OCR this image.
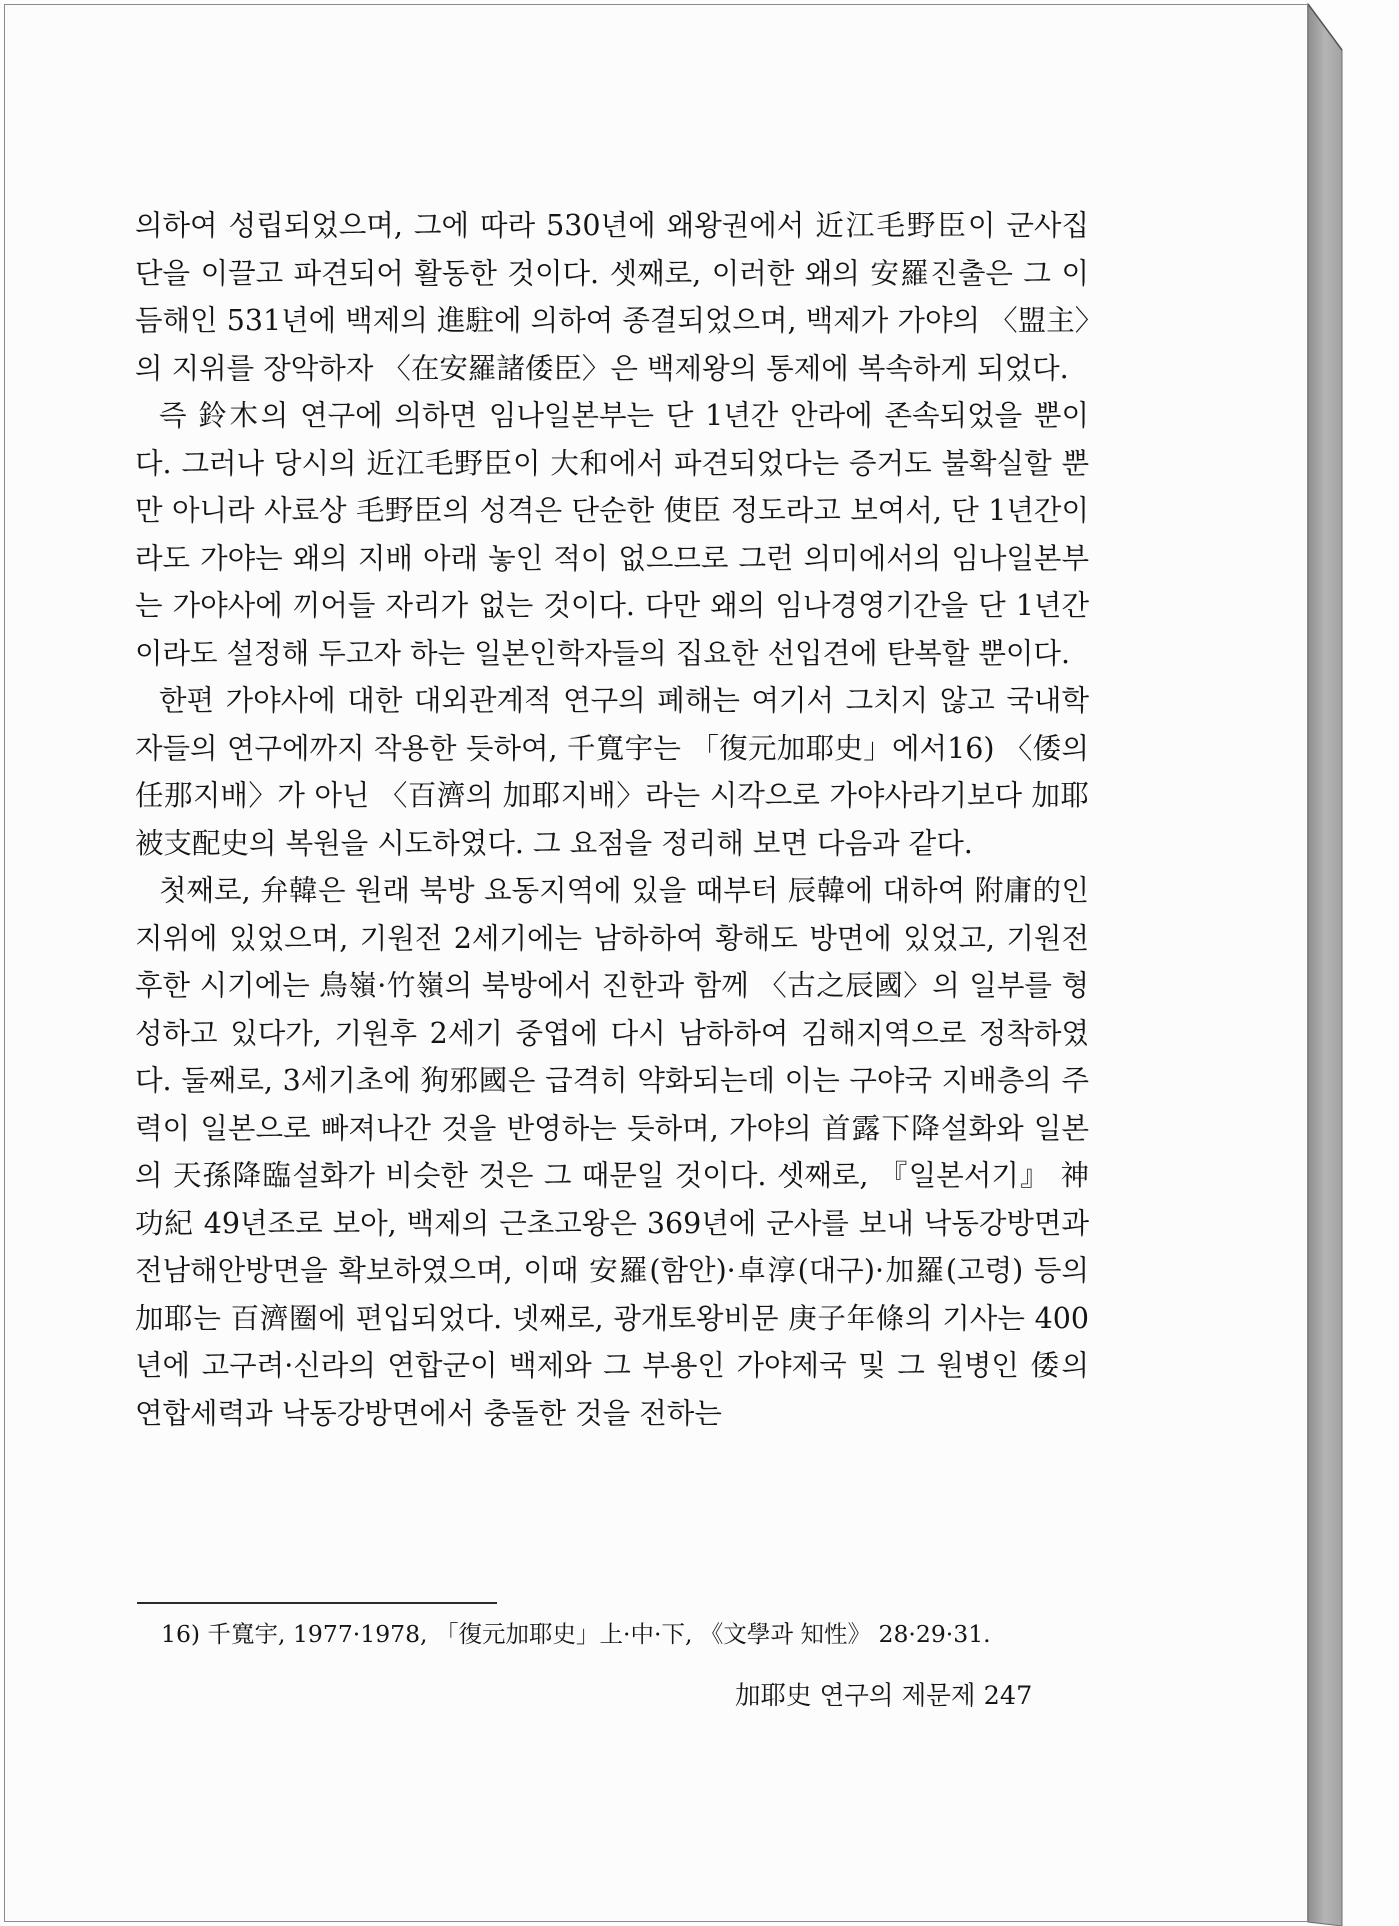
의하여 성립되었으며, 그에 따라 530년에 왜왕권에서 近江毛野臣이 군사집단을 이끌고 파견되어 활동한 것이다. 셋째로, 이러한 왜의 安羅진출은 그 이듬해인 531년에 백제의 進駐에 의하여 종결되었으며, 백제가 가야의 〈盟主〉의 지위를 장악하자 〈在安羅諸倭臣〉은 백제왕의 통제에 복속하게 되었다.

즉 鈴木의 연구에 의하면 임나일본부는 단 1년간 안라에 존속되었을 뿐이다. 그러나 당시의 近江毛野臣이 大和에서 파견되었다는 증거도 불확실할 뿐만 아니라 사료상 毛野臣의 성격은 단순한 使臣 정도라고 보여서, 단 1년간이라도 가야는 왜의 지배 아래 놓인 적이 없으므로 그런 의미에서의 임나일본부는 가야사에 끼어들 자리가 없는 것이다. 다만 왜의 임나경영기간을 단 1년간이라도 설정해 두고자 하는 일본인학자들의 집요한 선입견에 탄복할 뿐이다.

한편 가야사에 대한 대외관계적 연구의 폐해는 여기서 그치지 않고 국내학자들의 연구에까지 작용한 듯하여, 千寬宇는 「復元加耶史」에서16) 〈倭의 任那지배〉가 아닌 〈百濟의 加耶지배〉라는 시각으로 가야사라기보다 加耶被支配史의 복원을 시도하였다. 그 요점을 정리해 보면 다음과 같다.

첫째로, 弁韓은 원래 북방 요동지역에 있을 때부터 辰韓에 대하여 附庸的인 지위에 있었으며, 기원전 2세기에는 남하하여 황해도 방면에 있었고, 기원전후한 시기에는 鳥嶺·竹嶺의 북방에서 진한과 함께 〈古之辰國〉의 일부를 형성하고 있다가, 기원후 2세기 중엽에 다시 남하하여 김해지역으로 정착하였다. 둘째로, 3세기초에 狗邪國은 급격히 약화되는데 이는 구야국 지배층의 주력이 일본으로 빠져나간 것을 반영하는 듯하며, 가야의 首露下降설화와 일본의 天孫降臨설화가 비슷한 것은 그 때문일 것이다. 셋째로, 『일본서기』 神功紀 49년조로 보아, 백제의 근초고왕은 369년에 군사를 보내 낙동강방면과 전남해안방면을 확보하였으며, 이때 安羅(함안)·卓淳(대구)·加羅(고령) 등의 加耶는 百濟圈에 편입되었다. 넷째로, 광개토왕비문 庚子年條의 기사는 400년에 고구려·신라의 연합군이 백제와 그 부용인 가야제국 및 그 원병인 倭의 연합세력과 낙동강방면에서 충돌한 것을 전하는

16) 千寬宇, 1977·1978, 「復元加耶史」上·中·下, 《文學과 知性》 28·29·31.

加耶史 연구의 제문제 247
